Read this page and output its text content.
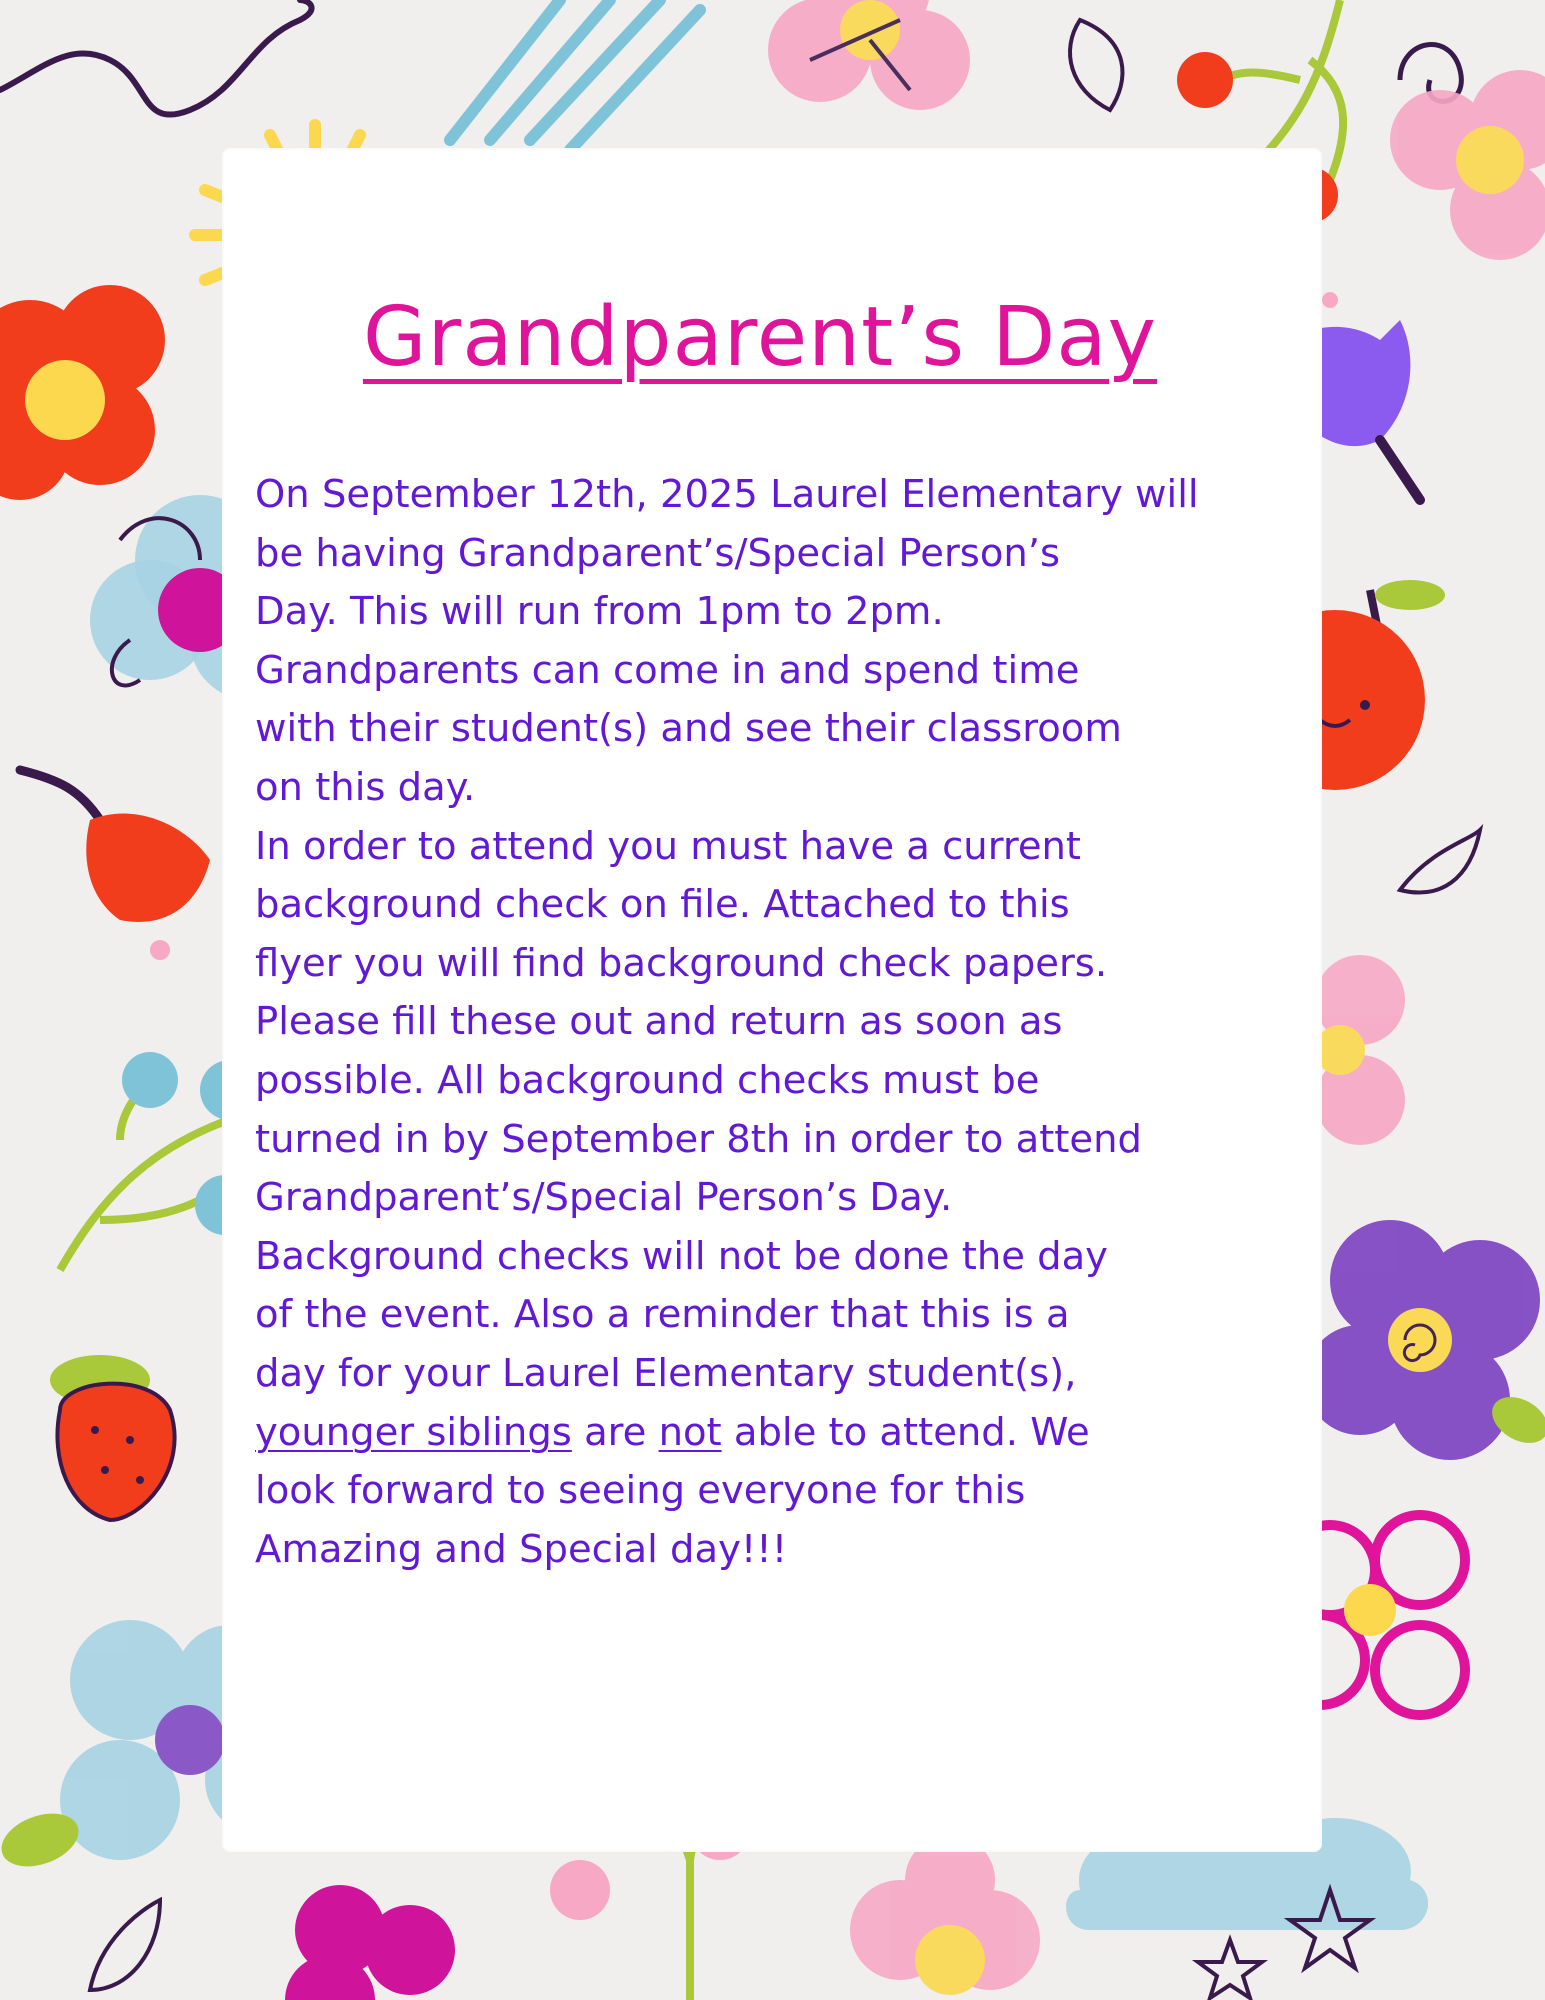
Grandparent’s Day
On September 12th, 2025 Laurel Elementary will
be having Grandparent’s/Special Person’s
Day. This will run from 1pm to 2pm.
Grandparents can come in and spend time
with their student(s) and see their classroom
on this day.
In order to attend you must have a current
background check on file. Attached to this
flyer you will find background check papers.
Please fill these out and return as soon as
possible. All background checks must be
turned in by September 8th in order to attend
Grandparent’s/Special Person’s Day.
Background checks will not be done the day
of the event. Also a reminder that this is a
day for your Laurel Elementary student(s),
younger siblings are not able to attend. We
look forward to seeing everyone for this
Amazing and Special day!!!
